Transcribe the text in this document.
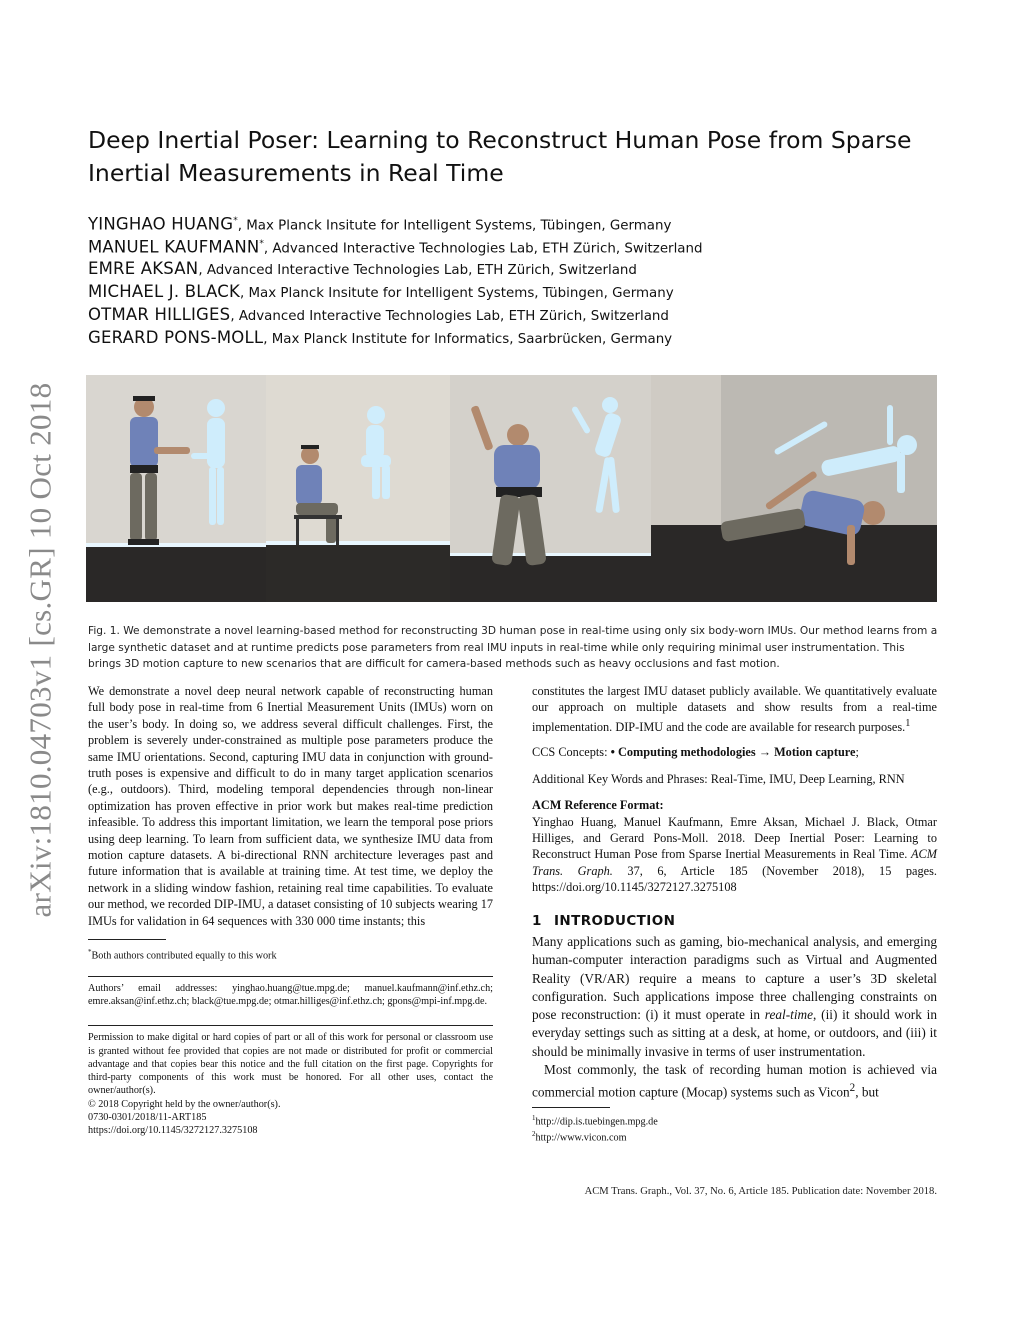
arXiv:1810.04703v1 [cs.GR] 10 Oct 2018
Deep Inertial Poser: Learning to Reconstruct Human Pose from Sparse Inertial Measurements in Real Time
YINGHAO HUANG*, Max Planck Insitute for Intelligent Systems, Tübingen, Germany
MANUEL KAUFMANN*, Advanced Interactive Technologies Lab, ETH Zürich, Switzerland
EMRE AKSAN, Advanced Interactive Technologies Lab, ETH Zürich, Switzerland
MICHAEL J. BLACK, Max Planck Insitute for Intelligent Systems, Tübingen, Germany
OTMAR HILLIGES, Advanced Interactive Technologies Lab, ETH Zürich, Switzerland
GERARD PONS-MOLL, Max Planck Institute for Informatics, Saarbrücken, Germany
Fig. 1. We demonstrate a novel learning-based method for reconstructing 3D human pose in real-time using only six body-worn IMUs. Our method learns from a large synthetic dataset and at runtime predicts pose parameters from real IMU inputs in real-time while only requiring minimal user instrumentation. This brings 3D motion capture to new scenarios that are difficult for camera-based methods such as heavy occlusions and fast motion.

We demonstrate a novel deep neural network capable of reconstructing human full body pose in real-time from 6 Inertial Measurement Units (IMUs) worn on the user’s body. In doing so, we address several difficult challenges. First, the problem is severely under-constrained as multiple pose parameters produce the same IMU orientations. Second, capturing IMU data in conjunction with ground-truth poses is expensive and difficult to do in many target application scenarios (e.g., outdoors). Third, modeling temporal dependencies through non-linear optimization has proven effective in prior work but makes real-time prediction infeasible. To address this important limitation, we learn the temporal pose priors using deep learning. To learn from sufficient data, we synthesize IMU data from motion capture datasets. A bi-directional RNN architecture leverages past and future information that is available at training time. At test time, we deploy the network in a sliding window fashion, retaining real time capabilities. To evaluate our method, we recorded DIP-IMU, a dataset consisting of 10 subjects wearing 17 IMUs for validation in 64 sequences with 330 000 time instants; this

*Both authors contributed equally to this work

Authors’ email addresses: yinghao.huang@tue.mpg.de; manuel.kaufmann@inf.ethz.ch; emre.aksan@inf.ethz.ch; black@tue.mpg.de; otmar.hilliges@inf.ethz.ch; gpons@mpi-inf.mpg.de.

Permission to make digital or hard copies of part or all of this work for personal or classroom use is granted without fee provided that copies are not made or distributed for profit or commercial advantage and that copies bear this notice and the full citation on the first page. Copyrights for third-party components of this work must be honored. For all other uses, contact the owner/author(s).

© 2018 Copyright held by the owner/author(s).

0730-0301/2018/11-ART185

https://doi.org/10.1145/3272127.3275108

constitutes the largest IMU dataset publicly available. We quantitatively evaluate our approach on multiple datasets and show results from a real-time implementation. DIP-IMU and the code are available for research purposes.$^1$

CCS Concepts: • Computing methodologies → Motion capture;

Additional Key Words and Phrases: Real-Time, IMU, Deep Learning, RNN

ACM Reference Format:

Yinghao Huang, Manuel Kaufmann, Emre Aksan, Michael J. Black, Otmar Hilliges, and Gerard Pons-Moll. 2018. Deep Inertial Poser: Learning to Reconstruct Human Pose from Sparse Inertial Measurements in Real Time. ACM Trans. Graph. 37, 6, Article 185 (November 2018), 15 pages. https://doi.org/10.1145/3272127.3275108

1 INTRODUCTION

Many applications such as gaming, bio-mechanical analysis, and emerging human-computer interaction paradigms such as Virtual and Augmented Reality (VR/AR) require a means to capture a user’s 3D skeletal configuration. Such applications impose three challenging constraints on pose reconstruction: (i) it must operate in real-time, (ii) it should work in everyday settings such as sitting at a desk, at home, or outdoors, and (iii) it should be minimally invasive in terms of user instrumentation.

Most commonly, the task of recording human motion is achieved via commercial motion capture (Mocap) systems such as Vicon$^2$, but

$^1$http://dip.is.tuebingen.mpg.de
$^2$http://www.vicon.com
ACM Trans. Graph., Vol. 37, No. 6, Article 185. Publication date: November 2018.
